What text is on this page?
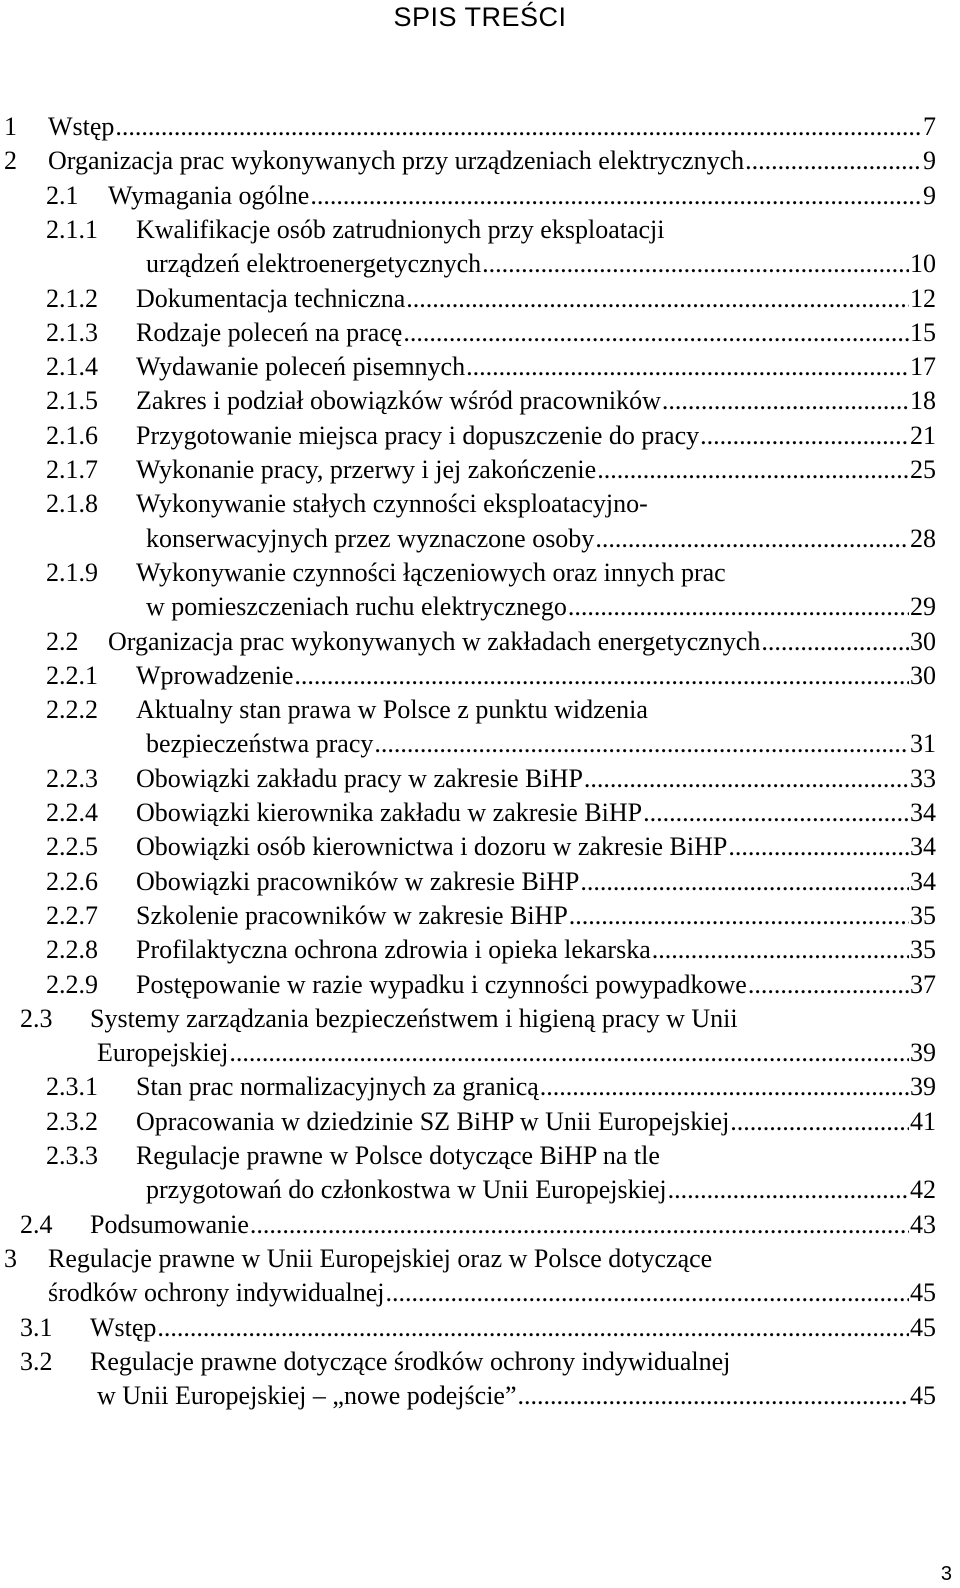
SPIS TREŚCI
1 Wstęp .....	7
2 Organizacja prac wykonywanych przy urządzeniach elektrycznych .....	9
2.1 Wymagania ogólne .....	9
2.1.1 Kwalifikacje osób zatrudnionych przy eksploatacji
urządzeń elektroenergetycznych .....	10
2.1.2 Dokumentacja techniczna .....	12
2.1.3 Rodzaje poleceń na pracę .....	15
2.1.4 Wydawanie poleceń pisemnych .....	17
2.1.5 Zakres i podział obowiązków wśród pracowników .....	18
2.1.6 Przygotowanie miejsca pracy i dopuszczenie do pracy .....	21
2.1.7 Wykonanie pracy, przerwy i jej zakończenie .....	25
2.1.8 Wykonywanie stałych czynności eksploatacyjno-
konserwacyjnych przez wyznaczone osoby .....	28
2.1.9 Wykonywanie czynności łączeniowych oraz innych prac
w pomieszczeniach ruchu elektrycznego .....	29
2.2 Organizacja prac wykonywanych w zakładach energetycznych .....	30
2.2.1 Wprowadzenie .....	30
2.2.2 Aktualny stan prawa w Polsce z punktu widzenia
bezpieczeństwa pracy .....	31
2.2.3 Obowiązki zakładu pracy w zakresie BiHP .....	33
2.2.4 Obowiązki kierownika zakładu w zakresie BiHP .....	34
2.2.5 Obowiązki osób kierownictwa i dozoru w zakresie BiHP .....	34
2.2.6 Obowiązki pracowników w zakresie BiHP .....	34
2.2.7 Szkolenie pracowników w zakresie BiHP .....	35
2.2.8 Profilaktyczna ochrona zdrowia i opieka lekarska .....	35
2.2.9 Postępowanie w razie wypadku i czynności powypadkowe .....	37
2.3 Systemy zarządzania bezpieczeństwem i higieną pracy w Unii
Europejskiej .....	39
2.3.1 Stan prac normalizacyjnych za granicą .....	39
2.3.2 Opracowania w dziedzinie SZ BiHP w Unii Europejskiej .....	41
2.3.3 Regulacje prawne w Polsce dotyczące BiHP na tle
przygotowań do członkostwa w Unii Europejskiej .....	42
2.4 Podsumowanie .....	43
3 Regulacje prawne w Unii Europejskiej oraz w Polsce dotyczące
środków ochrony indywidualnej .....	45
3.1 Wstęp .....	45
3.2 Regulacje prawne dotyczące środków ochrony indywidualnej
w Unii Europejskiej – „nowe podejście” .....	45
3
